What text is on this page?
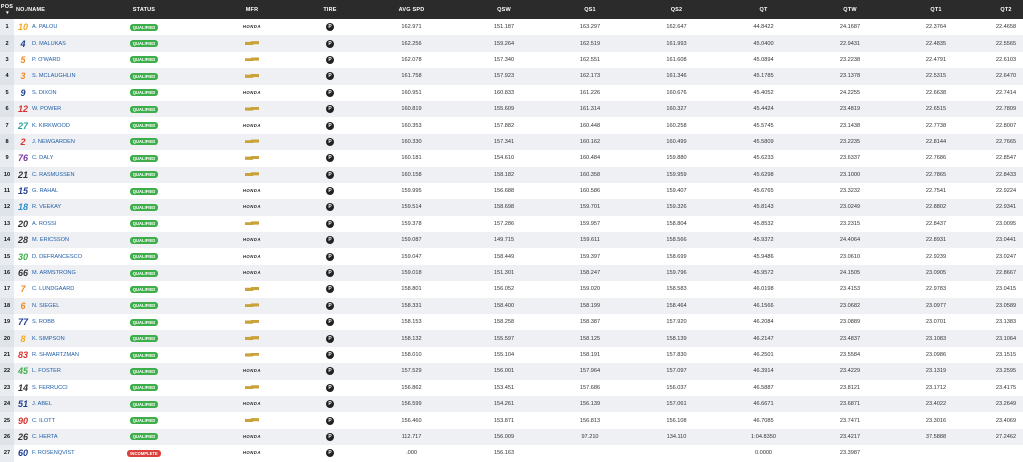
POS▾	NO./NAME	STATUS	MFR	TIRE	AVG SPD	QSW	QS1	QS2	QT	QTW	QT1	QT2
1	10 A. PALOU	QUALIFIED	HONDA	P	162.971	151.187	163.297	162.647	44.8422	24.1687	22.3764	22.4658
2	4 D. MALUKAS	QUALIFIED		P	162.256	159.264	162.519	161.993	45.0400	22.9431	22.4835	22.5565
3	5 P. O'WARD	QUALIFIED		P	162.078	157.340	162.551	161.608	45.0894	23.2238	22.4791	22.6103
4	3 S. MCLAUGHLIN	QUALIFIED		P	161.758	157.923	162.173	161.346	45.1785	23.1378	22.5315	22.6470
5	9 S. DIXON	QUALIFIED	HONDA	P	160.951	160.833	161.226	160.676	45.4052	24.2255	22.6638	22.7414
6	12 W. POWER	QUALIFIED		P	160.819	155.609	161.314	160.327	45.4424	23.4819	22.6515	22.7809
7	27 K. KIRKWOOD	QUALIFIED	HONDA	P	160.353	157.882	160.448	160.258	45.5745	23.1438	22.7738	22.8007
8	2 J. NEWGARDEN	QUALIFIED		P	160.330	157.341	160.162	160.499	45.5809	23.2235	22.8144	22.7665
9	76 C. DALY	QUALIFIED		P	160.181	154.610	160.484	159.880	45.6233	23.6337	22.7686	22.8547
10	21 C. RASMUSSEN	QUALIFIED		P	160.158	158.182	160.358	159.959	45.6298	23.1000	22.7865	22.8433
11	15 G. RAHAL	QUALIFIED	HONDA	P	159.995	156.688	160.586	159.407	45.6765	23.3232	22.7541	22.9224
12	18 R. VEEKAY	QUALIFIED	HONDA	P	159.514	158.698	159.701	159.326	45.8143	23.0249	22.8802	22.9341
13	20 A. ROSSI	QUALIFIED		P	159.378	157.286	159.957	158.804	45.8532	23.2315	22.8437	23.0095
14	28 M. ERICSSON	QUALIFIED	HONDA	P	159.087	149.715	159.611	158.566	45.9372	24.4064	22.8931	23.0441
15	30 D. DEFRANCESCO	QUALIFIED	HONDA	P	159.047	158.449	159.397	158.699	45.9486	23.0610	22.9239	23.0247
16	66 M. ARMSTRONG	QUALIFIED	HONDA	P	159.018	151.301	158.247	159.796	45.9572	24.1505	23.0905	22.8667
17	7 C. LUNDGAARD	QUALIFIED		P	158.801	156.052	159.020	158.583	46.0198	23.4153	22.9783	23.0415
18	6 N. SIEGEL	QUALIFIED		P	158.331	158.400	158.199	158.464	46.1566	23.0682	23.0977	23.0589
19	77 S. ROBB	QUALIFIED		P	158.153	158.258	158.387	157.920	46.2084	23.0889	23.0701	23.1383
20	8 K. SIMPSON	QUALIFIED		P	158.132	155.597	158.125	158.139	46.2147	23.4837	23.1083	23.1064
21	83 R. SHWARTZMAN	QUALIFIED		P	158.010	155.104	158.191	157.830	46.2501	23.5584	23.0986	23.1515
22	45 L. FOSTER	QUALIFIED	HONDA	P	157.529	156.001	157.964	157.097	46.3914	23.4229	23.1319	23.2595
23	14 S. FERRUCCI	QUALIFIED		P	156.862	153.451	157.686	156.037	46.5887	23.8121	23.1712	23.4175
24	51 J. ABEL	QUALIFIED	HONDA	P	156.599	154.261	156.139	157.061	46.6671	23.6871	23.4022	23.2649
25	90 C. ILOTT	QUALIFIED		P	156.460	153.871	156.813	156.108	46.7085	23.7471	23.3016	23.4069
26	26 C. HERTA	QUALIFIED	HONDA	P	112.717	156.009	97.210	134.110	1:04.8350	23.4217	37.5888	27.2462
27	60 F. ROSENQVIST	INCOMPLETE	HONDA	P	.000	156.163			0.0000	23.3987		
